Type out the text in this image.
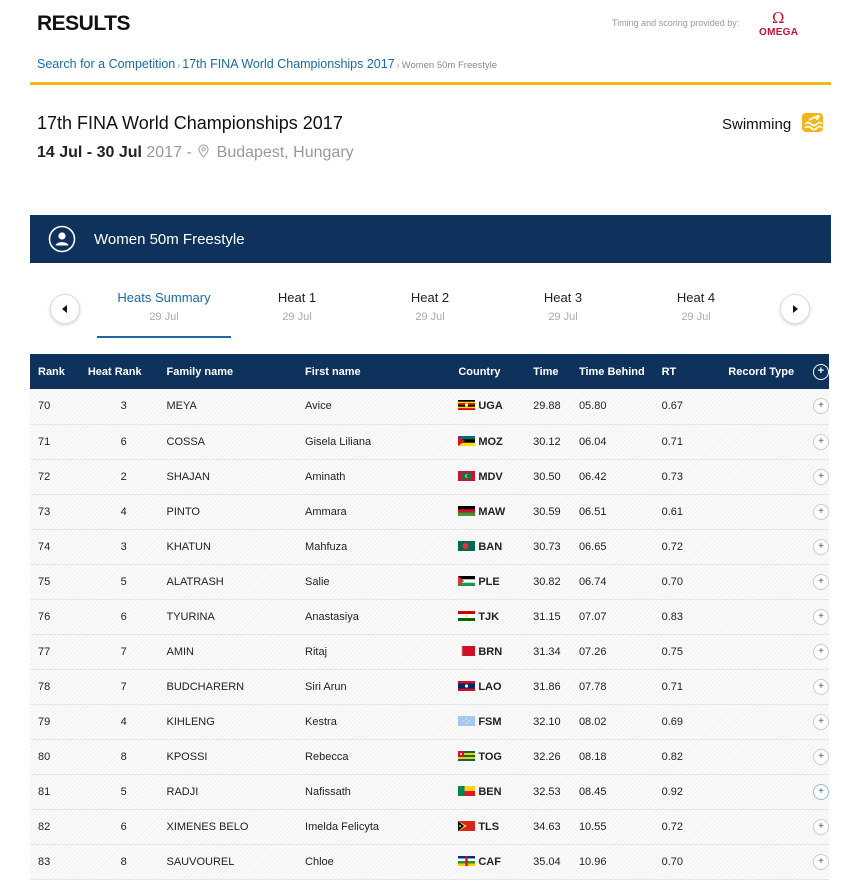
RESULTS	Timing and scoring provided by: Ω
OMEGA
Search for a Competition › 17th FINA World Championships 2017 › Women 50m Freestyle
17th FINA World Championships 2017
14 Jul - 30 Jul 2017 - Budapest, Hungary
Swimming
Women 50m Freestyle
Heats Summary
29 Jul
Heat 1
29 Jul
Heat 2
29 Jul
Heat 3
29 Jul
Heat 4
29 Jul
Rank	Heat Rank	Family name	First name	Country	Time	Time Behind	RT	Record Type	+
70	3	MEYA	Avice	UGA	29.88	05.80	0.67		+
71	6	COSSA	Gisela Liliana	MOZ	30.12	06.04	0.71		+
72	2	SHAJAN	Aminath	MDV	30.50	06.42	0.73		+
73	4	PINTO	Ammara	MAW	30.59	06.51	0.61		+
74	3	KHATUN	Mahfuza	BAN	30.73	06.65	0.72		+
75	5	ALATRASH	Salie	PLE	30.82	06.74	0.70		+
76	6	TYURINA	Anastasiya	TJK	31.15	07.07	0.83		+
77	7	AMIN	Ritaj	BRN	31.34	07.26	0.75		+
78	7	BUDCHARERN	Siri Arun	LAO	31.86	07.78	0.71		+
79	4	KIHLENG	Kestra	FSM	32.10	08.02	0.69		+
80	8	KPOSSI	Rebecca	TOG	32.26	08.18	0.82		+
81	5	RADJI	Nafissath	BEN	32.53	08.45	0.92		+
82	6	XIMENES BELO	Imelda Felicyta	TLS	34.63	10.55	0.72		+
83	8	SAUVOUREL	Chloe	CAF	35.04	10.96	0.70		+
